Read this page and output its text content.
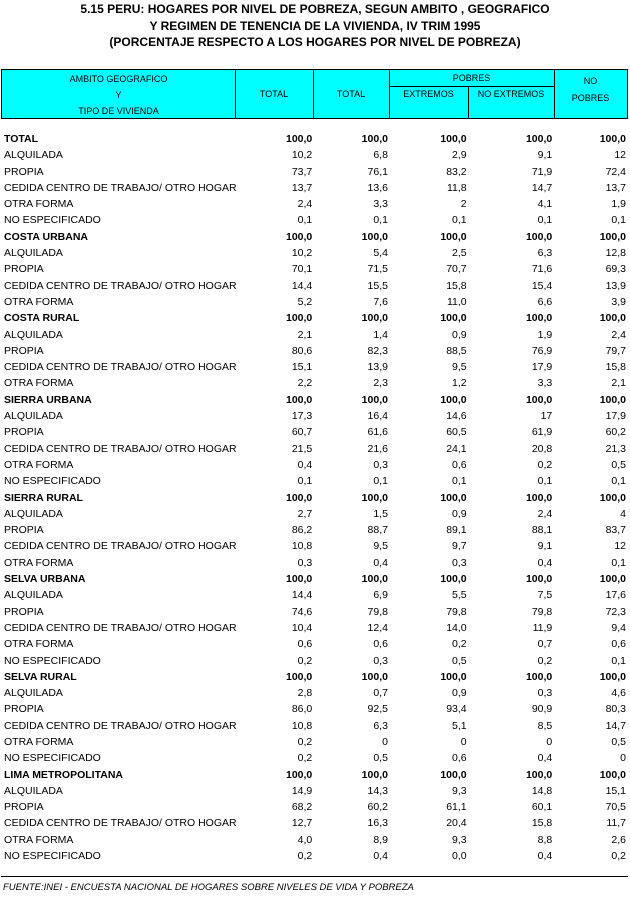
5.15 PERU: HOGARES POR NIVEL DE POBREZA, SEGUN AMBITO , GEOGRAFICO
Y REGIMEN DE TENENCIA DE LA VIVIENDA, IV TRIM 1995
(PORCENTAJE RESPECTO A LOS HOGARES POR NIVEL DE POBREZA)
AMBITO GEOGRAFICO
Y
TIPO DE VIVIENDA
TOTAL	TOTAL
POBRES
EXTREMOS	NO EXTREMOS
NO
POBRES
TOTAL	100,0	100,0	100,0	100,0	100,0
ALQUILADA	10,2	6,8	2,9	9,1	12
PROPIA	73,7	76,1	83,2	71,9	72,4
CEDIDA CENTRO DE TRABAJO/ OTRO HOGAR	13,7	13,6	11,8	14,7	13,7
OTRA FORMA	2,4	3,3	2	4,1	1,9
NO ESPECIFICADO	0,1	0,1	0,1	0,1	0,1
COSTA URBANA	100,0	100,0	100,0	100,0	100,0
ALQUILADA	10,2	5,4	2,5	6,3	12,8
PROPIA	70,1	71,5	70,7	71,6	69,3
CEDIDA CENTRO DE TRABAJO/ OTRO HOGAR	14,4	15,5	15,8	15,4	13,9
OTRA FORMA	5,2	7,6	11,0	6,6	3,9
COSTA RURAL	100,0	100,0	100,0	100,0	100,0
ALQUILADA	2,1	1,4	0,9	1,9	2,4
PROPIA	80,6	82,3	88,5	76,9	79,7
CEDIDA CENTRO DE TRABAJO/ OTRO HOGAR	15,1	13,9	9,5	17,9	15,8
OTRA FORMA	2,2	2,3	1,2	3,3	2,1
SIERRA URBANA	100,0	100,0	100,0	100,0	100,0
ALQUILADA	17,3	16,4	14,6	17	17,9
PROPIA	60,7	61,6	60,5	61,9	60,2
CEDIDA CENTRO DE TRABAJO/ OTRO HOGAR	21,5	21,6	24,1	20,8	21,3
OTRA FORMA	0,4	0,3	0,6	0,2	0,5
NO ESPECIFICADO	0,1	0,1	0,1	0,1	0,1
SIERRA RURAL	100,0	100,0	100,0	100,0	100,0
ALQUILADA	2,7	1,5	0,9	2,4	4
PROPIA	86,2	88,7	89,1	88,1	83,7
CEDIDA CENTRO DE TRABAJO/ OTRO HOGAR	10,8	9,5	9,7	9,1	12
OTRA FORMA	0,3	0,4	0,3	0,4	0,1
SELVA URBANA	100,0	100,0	100,0	100,0	100,0
ALQUILADA	14,4	6,9	5,5	7,5	17,6
PROPIA	74,6	79,8	79,8	79,8	72,3
CEDIDA CENTRO DE TRABAJO/ OTRO HOGAR	10,4	12,4	14,0	11,9	9,4
OTRA FORMA	0,6	0,6	0,2	0,7	0,6
NO ESPECIFICADO	0,2	0,3	0,5	0,2	0,1
SELVA RURAL	100,0	100,0	100,0	100,0	100,0
ALQUILADA	2,8	0,7	0,9	0,3	4,6
PROPIA	86,0	92,5	93,4	90,9	80,3
CEDIDA CENTRO DE TRABAJO/ OTRO HOGAR	10,8	6,3	5,1	8,5	14,7
OTRA FORMA	0,2	0	0	0	0,5
NO ESPECIFICADO	0,2	0,5	0,6	0,4	0
LIMA METROPOLITANA	100,0	100,0	100,0	100,0	100,0
ALQUILADA	14,9	14,3	9,3	14,8	15,1
PROPIA	68,2	60,2	61,1	60,1	70,5
CEDIDA CENTRO DE TRABAJO/ OTRO HOGAR	12,7	16,3	20,4	15,8	11,7
OTRA FORMA	4,0	8,9	9,3	8,8	2,6
NO ESPECIFICADO	0,2	0,4	0,0	0,4	0,2
FUENTE:INEI - ENCUESTA NACIONAL DE HOGARES SOBRE NIVELES DE VIDA Y POBREZA
